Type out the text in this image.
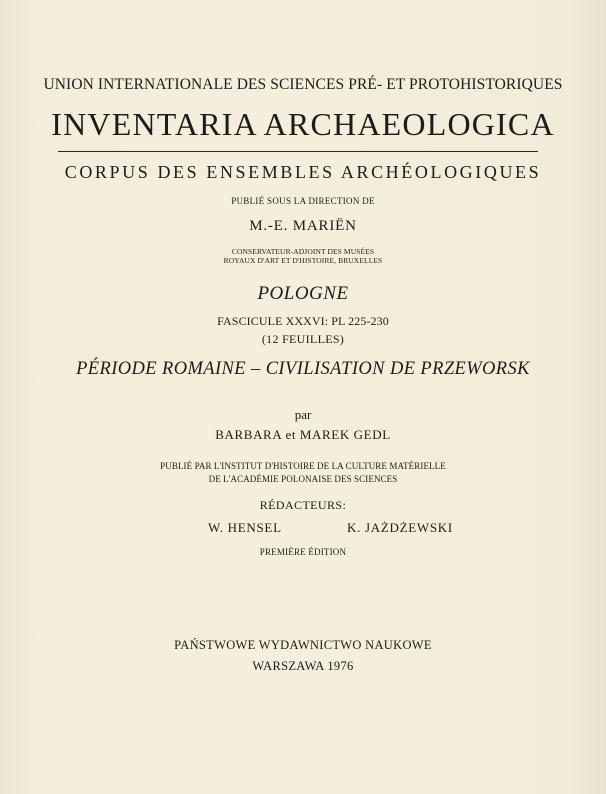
UNION INTERNATIONALE DES SCIENCES PRÉ- ET PROTOHISTORIQUES
INVENTARIA ARCHAEOLOGICA
CORPUS DES ENSEMBLES ARCHÉOLOGIQUES
PUBLIÉ SOUS LA DIRECTION DE
M.-E. MARIËN
CONSERVATEUR-ADJOINT DES MUSÉES
ROYAUX D'ART ET D'HISTOIRE, BRUXELLES
POLOGNE
FASCICULE XXXVI: PL 225-230
(12 FEUILLES)
PÉRIODE ROMAINE – CIVILISATION DE PRZEWORSK
par
BARBARA et MAREK GEDL
PUBLIÉ PAR L'INSTITUT D'HISTOIRE DE LA CULTURE MATÉRIELLE
DE L'ACADÉMIE POLONAISE DES SCIENCES
RÉDACTEURS:
W. HENSEL	K. JAŻDŻEWSKI
PREMIÈRE ÉDITION
PAŃSTWOWE WYDAWNICTWO NAUKOWE
WARSZAWA 1976
